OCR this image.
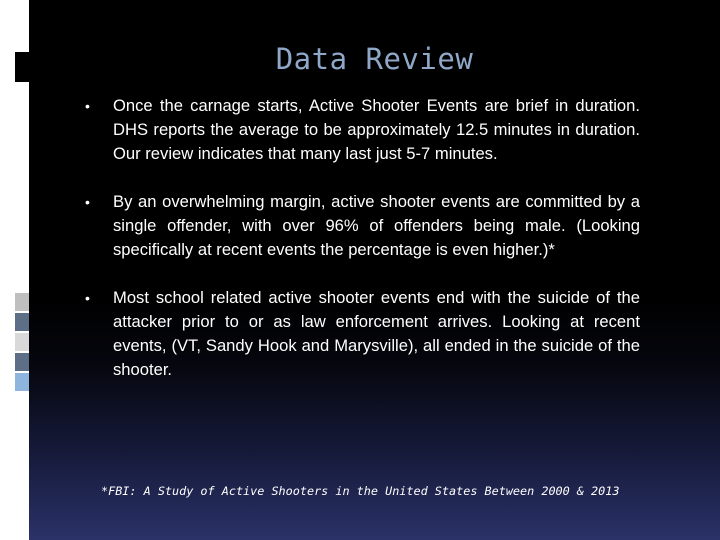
Data Review
•	Once the carnage starts, Active Shooter Events are brief in duration. DHS reports the average to be approximately 12.5 minutes in duration. Our review indicates that many last just 5-7 minutes.
•	By an overwhelming margin, active shooter events are committed by a single offender, with over 96% of offenders being male. (Looking specifically at recent events the percentage is even higher.)*
•	Most school related active shooter events end with the suicide of the attacker prior to or as law enforcement arrives. Looking at recent events, (VT, Sandy Hook and Marysville), all ended in the suicide of the shooter.
*FBI: A Study of Active Shooters in the United States Between 2000 & 2013
